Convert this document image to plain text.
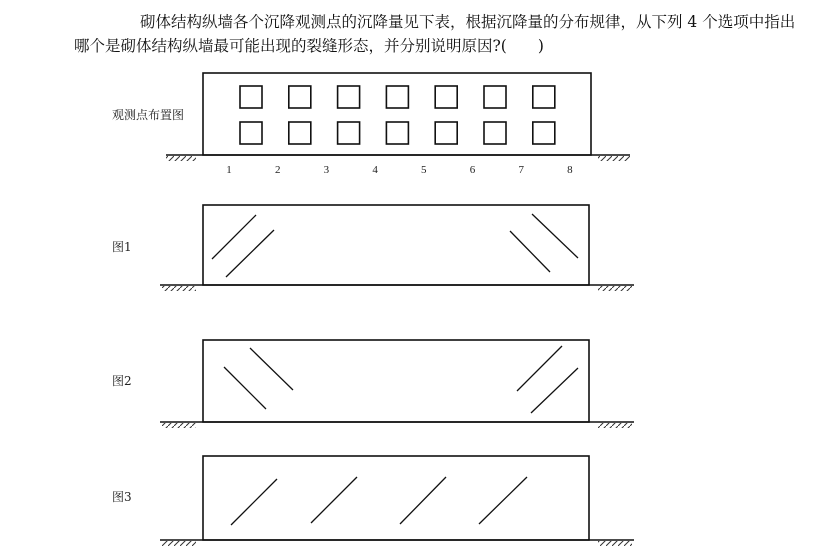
砌体结构纵墙各个沉降观测点的沉降量见下表，根据沉降量的分布规律，从下列 4 个选项中指出
哪个是砌体结构纵墙最可能出现的裂缝形态，并分别说明原因?(　　)
观测点布置图
图1
图2
图3
1	2	3	4	5	6	7	8
